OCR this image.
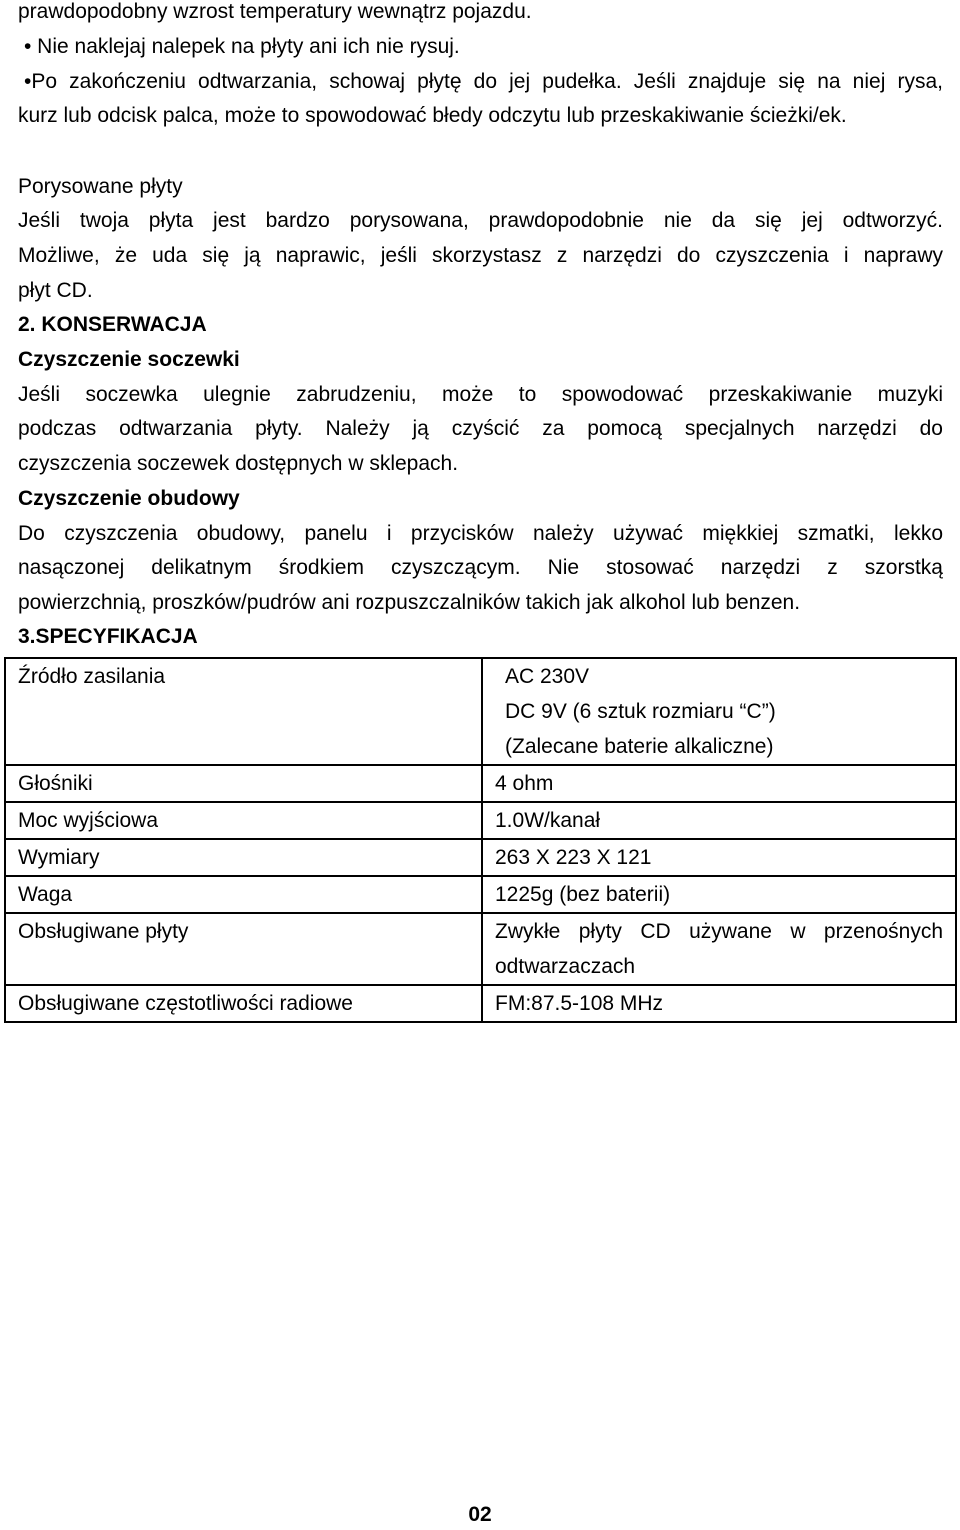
prawdopodobny wzrost temperatury wewnątrz pojazdu.
• Nie naklejaj nalepek na płyty ani ich nie rysuj.
•Po zakończeniu odtwarzania, schowaj płytę do jej pudełka. Jeśli znajduje się na niej rysa,
kurz lub odcisk palca, może to spowodować błedy odczytu lub przeskakiwanie ścieżki/ek.
Porysowane płyty
Jeśli twoja płyta jest bardzo porysowana, prawdopodobnie nie da się jej odtworzyć.
Możliwe, że uda się ją naprawic, jeśli skorzystasz z narzędzi do czyszczenia i naprawy
płyt CD.
2. KONSERWACJA
Czyszczenie soczewki
Jeśli soczewka ulegnie zabrudzeniu, może to spowodować przeskakiwanie muzyki
podczas odtwarzania płyty. Należy ją czyścić za pomocą specjalnych narzędzi do
czyszczenia soczewek dostępnych w sklepach.
Czyszczenie obudowy
Do czyszczenia obudowy, panelu i przycisków należy używać miękkiej szmatki, lekko
nasączonej delikatnym środkiem czyszczącym. Nie stosować narzędzi z szorstką
powierzchnią, proszków/pudrów ani rozpuszczalników takich jak alkohol lub benzen.
3.SPECYFIKACJA
Źródło zasilania	AC 230V
DC 9V (6 sztuk rozmiaru “C”)
(Zalecane baterie alkaliczne)

Głośniki	4 ohm
Moc wyjściowa	1.0W/kanał
Wymiary	263 X 223 X 121
Waga	1225g (bez baterii)
Obsługiwane płyty	Zwykłe płyty CD używane w przenośnych
odtwarzaczach

Obsługiwane częstotliwości radiowe	FM:87.5-108 MHz
02
